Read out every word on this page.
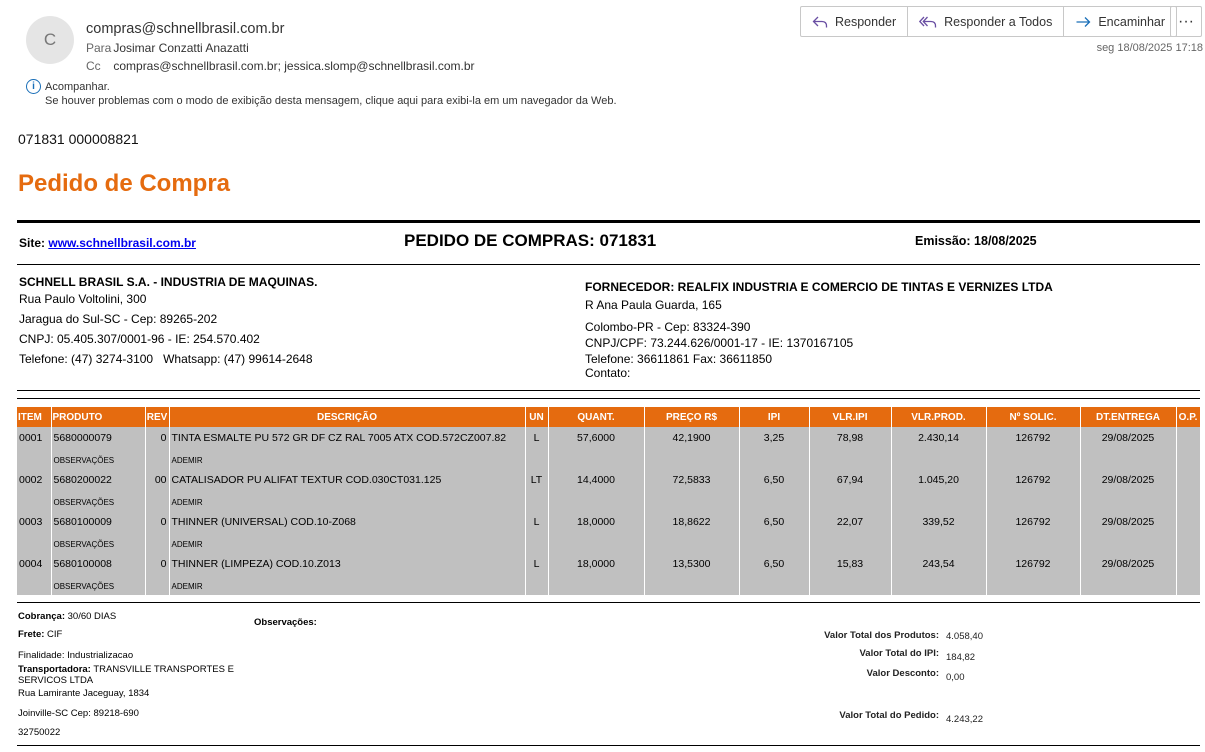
C
compras@schnellbrasil.com.br
Para Josimar Conzatti Anazatti
Cc compras@schnellbrasil.com.br; jessica.slomp@schnellbrasil.com.br
Responder	Responder a Todos	Encaminhar ···
seg 18/08/2025 17:18
i Acompanhar.
Se houver problemas com o modo de exibição desta mensagem, clique aqui para exibi-la em um navegador da Web.
071831 000008821
Pedido de Compra
Site: www.schnellbrasil.com.br	PEDIDO DE COMPRAS: 071831	Emissão: 18/08/2025
SCHNELL BRASIL S.A. - INDUSTRIA DE MAQUINAS.
Rua Paulo Voltolini, 300
Jaragua do Sul-SC - Cep: 89265-202
CNPJ: 05.405.307/0001-96 - IE: 254.570.402
Telefone: (47) 3274-3100   Whatsapp: (47) 99614-2648
FORNECEDOR: REALFIX INDUSTRIA E COMERCIO DE TINTAS E VERNIZES LTDA
R Ana Paula Guarda, 165
Colombo-PR - Cep: 83324-390
CNPJ/CPF: 73.244.626/0001-17 - IE: 1370167105
Telefone: 36611861 Fax: 36611850
Contato:
ITEM	PRODUTO	REV	DESCRIÇÃO	UN	QUANT.	PREÇO R$	IPI	VLR.IPI	VLR.PROD.	Nº SOLIC.	DT.ENTREGA	O.P.
0001	5680000079	0	TINTA ESMALTE PU 572 GR DF CZ RAL 7005 ATX COD.572CZ007.82	L	57,6000	42,1900	3,25	78,98	2.430,14	126792	29/08/2025	
	OBSERVAÇÕES		ADEMIR									
0002	5680200022	00	CATALISADOR PU ALIFAT TEXTUR COD.030CT031.125	LT	14,4000	72,5833	6,50	67,94	1.045,20	126792	29/08/2025	
	OBSERVAÇÕES		ADEMIR									
0003	5680100009	0	THINNER (UNIVERSAL) COD.10-Z068	L	18,0000	18,8622	6,50	22,07	339,52	126792	29/08/2025	
	OBSERVAÇÕES		ADEMIR									
0004	5680100008	0	THINNER (LIMPEZA) COD.10.Z013	L	18,0000	13,5300	6,50	15,83	243,54	126792	29/08/2025	
	OBSERVAÇÕES		ADEMIR									
Cobrança: 30/60 DIAS
Frete: CIF
Finalidade: Industrializacao
Transportadora: TRANSVILLE TRANSPORTES E SERVICOS LTDA
Rua Lamirante Jaceguay, 1834
Joinville-SC Cep: 89218-690
32750022
Observações:
Valor Total dos Produtos: 4.058,40
Valor Total do IPI: 184,82
Valor Desconto: 0,00
Valor Total do Pedido: 4.243,22
